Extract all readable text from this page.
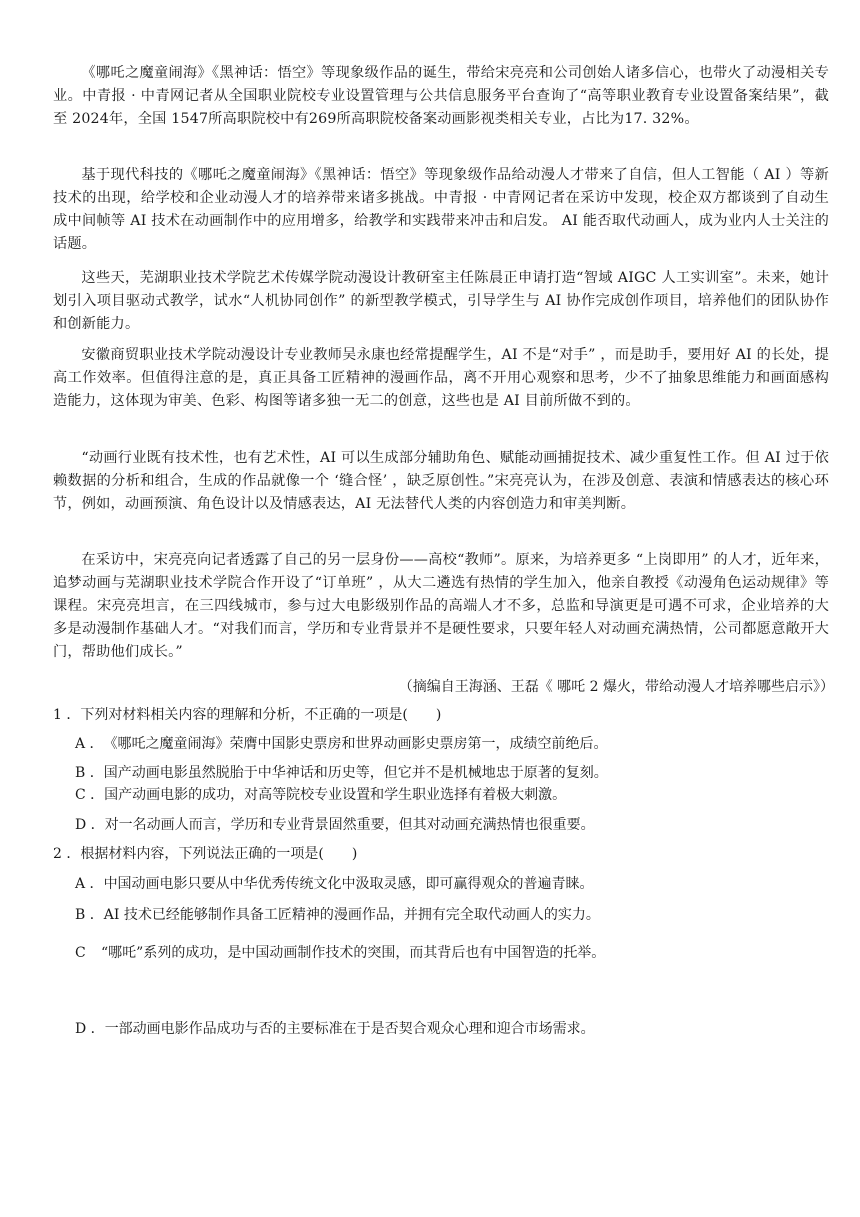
《哪吒之魔童闹海》《黑神话：悟空》等现象级作品的诞生，带给宋亮亮和公司创始人诸多信心，也带火了动漫相关专业。中青报 · 中青网记者从全国职业院校专业设置管理与公共信息服务平台查询了“高等职业教育专业设置备案结果”，截至 2024年，全国 1547所高职院校中有269所高职院校备案动画影视类相关专业，占比为17. 32%。

基于现代科技的《哪吒之魔童闹海》《黑神话：悟空》等现象级作品给动漫人才带来了自信，但人工智能（ AI ）等新技术的出现，给学校和企业动漫人才的培养带来诸多挑战。中青报 · 中青网记者在采访中发现，校企双方都谈到了自动生成中间帧等 AI 技术在动画制作中的应用增多，给教学和实践带来冲击和启发。 AI 能否取代动画人，成为业内人士关注的话题。

这些天，芜湖职业技术学院艺术传媒学院动漫设计教研室主任陈晨正申请打造“智域 AIGC 人工实训室”。未来，她计划引入项目驱动式教学，试水“人机协同创作” 的新型教学模式，引导学生与 AI 协作完成创作项目，培养他们的团队协作和创新能力。

安徽商贸职业技术学院动漫设计专业教师吴永康也经常提醒学生，AI 不是“对手” ，而是助手，要用好 AI 的长处，提高工作效率。但值得注意的是，真正具备工匠精神的漫画作品，离不开用心观察和思考，少不了抽象思维能力和画面感构造能力，这体现为审美、色彩、构图等诸多独一无二的创意，这些也是 AI 目前所做不到的。

“动画行业既有技术性，也有艺术性，AI 可以生成部分辅助角色、赋能动画捕捉技术、减少重复性工作。但 AI 过于依赖数据的分析和组合，生成的作品就像一个 ‘缝合怪’ ，缺乏原创性。”宋亮亮认为，在涉及创意、表演和情感表达的核心环节，例如，动画预演、角色设计以及情感表达，AI 无法替代人类的内容创造力和审美判断。

在采访中，宋亮亮向记者透露了自己的另一层身份——高校“教师”。原来，为培养更多 “上岗即用” 的人才，近年来，追梦动画与芜湖职业技术学院合作开设了“订单班” ，从大二遴选有热情的学生加入，他亲自教授《动漫角色运动规律》等课程。宋亮亮坦言，在三四线城市，参与过大电影级别作品的高端人才不多，总监和导演更是可遇不可求，企业培养的大多是动漫制作基础人才。“对我们而言，学历和专业背景并不是硬性要求，只要年轻人对动画充满热情，公司都愿意敞开大门，帮助他们成长。”

（摘编自王海涵、王磊《 哪吒 2 爆火，带给动漫人才培养哪些启示》）

1 ．下列对材料相关内容的理解和分析，不正确的一项是( )

A ．《哪吒之魔童闹海》荣膺中国影史票房和世界动画影史票房第一，成绩空前绝后。

B ．国产动画电影虽然脱胎于中华神话和历史等，但它并不是机械地忠于原著的复刻。

C ．国产动画电影的成功，对高等院校专业设置和学生职业选择有着极大刺激。

D ．对一名动画人而言，学历和专业背景固然重要，但其对动画充满热情也很重要。

2 ．根据材料内容，下列说法正确的一项是( )

A ．中国动画电影只要从中华优秀传统文化中汲取灵感，即可赢得观众的普遍青睐。

B ．AI 技术已经能够制作具备工匠精神的漫画作品，并拥有完全取代动画人的实力。

C “哪吒”系列的成功，是中国动画制作技术的突围，而其背后也有中国智造的托举。

D ．一部动画电影作品成功与否的主要标准在于是否契合观众心理和迎合市场需求。
